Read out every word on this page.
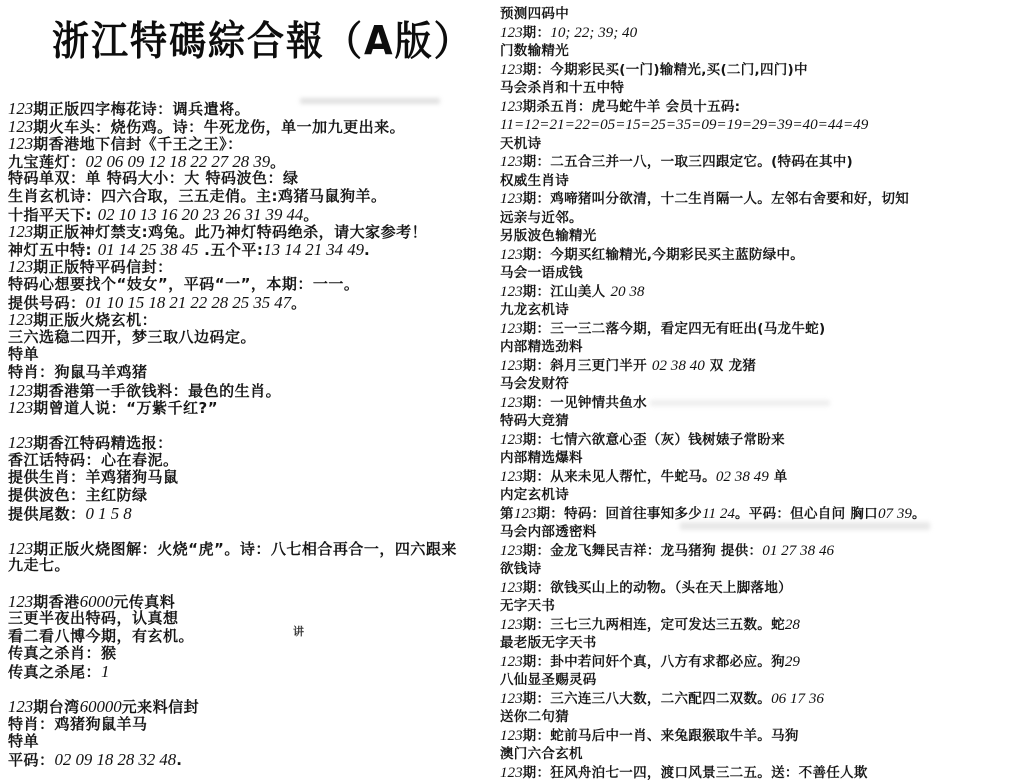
浙江特碼綜合報（A版）
123期正版四字梅花诗：调兵遣将。
123期火车头：烧伤鸡。诗：牛死龙伤，单一加九更出来。
123期香港地下信封《千王之王》：
九宝莲灯：02 06 09 12 18 22 27 28 39。
特码单双：单 特码大小：大 特码波色：绿
生肖玄机诗：四六合取，三五走俏。主:鸡猪马鼠狗羊。
十指平天下: 02 10 13 16 20 23 26 31 39 44。
123期正版神灯禁支:鸡兔。此乃神灯特码绝杀，请大家参考！
神灯五中特: 01 14 25 38 45 .五个平:13 14 21 34 49.
123期正版特平码信封：
特码心想要找个“妓女”，平码“一”，本期：一一。
提供号码：01 10 15 18 21 22 28 25 35 47。
123期正版火烧玄机：
三六选稳二四开，梦三取八边码定。
特单
特肖：狗鼠马羊鸡猪
123期香港第一手欲钱料：最色的生肖。
123期曾道人说：“万紫千红?”

123期香江特码精选报：
香江话特码：心在春泥。
提供生肖：羊鸡猪狗马鼠
提供波色：主红防绿
提供尾数：0 1 5 8

123期正版火烧图解：火烧“虎”。诗：八七相合再合一，四六跟来
九走七。

123期香港6000元传真料
三更半夜出特码，认真想
看二看八博今期，有玄机。
传真之杀肖：猴
传真之杀尾：1

123期台湾60000元来料信封
特肖：鸡猪狗鼠羊马
特单
平码：02 09 18 28 32 48.
预测四码中
123期：10; 22; 39; 40
门数输精光
123期：今期彩民买(一门)输精光,买(二门,四门)中
马会杀肖和十五中特
123期杀五肖：虎马蛇牛羊 会员十五码:
11=12=21=22=05=15=25=35=09=19=29=39=40=44=49
天机诗
123期：二五合三并一八，一取三四跟定它。(特码在其中)
权威生肖诗
123期：鸡啼猪叫分欲清，十二生肖隔一人。左邻右舍要和好，切知
远亲与近邻。
另版波色输精光
123期：今期买红输精光,今期彩民买主蓝防绿中。
马会一语成钱
123期：江山美人 20 38
九龙玄机诗
123期：三一三二落今期，看定四无有旺出(马龙牛蛇)
内部精选劲料
123期：斜月三更门半开 02 38 40 双 龙猪
马会发财符
123期：一见钟情共鱼水
特码大竞猜
123期：七情六欲意心歪（灰）钱树婊子常盼来
内部精选爆料
123期：从来未见人帮忙，牛蛇马。02 38 49 单
内定玄机诗
第123期：特码：回首往事知多少11 24。平码：但心自问 胸口07 39。
马会内部透密料
123期：金龙飞舞民吉祥：龙马猪狗 提供：01 27 38 46
欲钱诗
123期：欲钱买山上的动物。（头在天上脚落地）
无字天书
123期：三七三九两相连，定可发达三五数。蛇28
最老版无字天书
123期：卦中若问奸个真，八方有求都必应。狗29
八仙显圣赐灵码
123期：三六连三八大数，二六配四二双数。06 17 36
送你二句猜
123期：蛇前马后中一肖、来兔跟猴取牛羊。马狗
澳门六合玄机
123期：狂风舟泊七一四，渡口风景三二五。送：不善任人欺
讲
